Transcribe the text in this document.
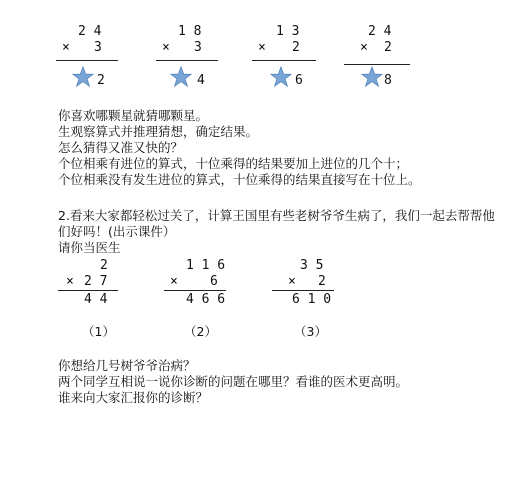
2 4
× 3
2
1 8
× 3
4
1 3
× 2
6
2 4
× 2
8
你喜欢哪颗星就猜哪颗星。
生观察算式并推理猜想，确定结果。
怎么猜得又准又快的？
个位相乘有进位的算式，十位乘得的结果要加上进位的几个十；
个位相乘没有发生进位的算式，十位乘得的结果直接写在十位上。
2.看来大家都轻松过关了，计算王国里有些老树爷爷生病了，我们一起去帮帮他
们好吗！(出示课件）
请你当医生
2
× 2 7
4 4
（1）
1 1 6
× 6
4 6 6
（2）
3 5
× 2
6 1 0
（3）
你想给几号树爷爷治病？
两个同学互相说一说你诊断的问题在哪里？看谁的医术更高明。
谁来向大家汇报你的诊断？
